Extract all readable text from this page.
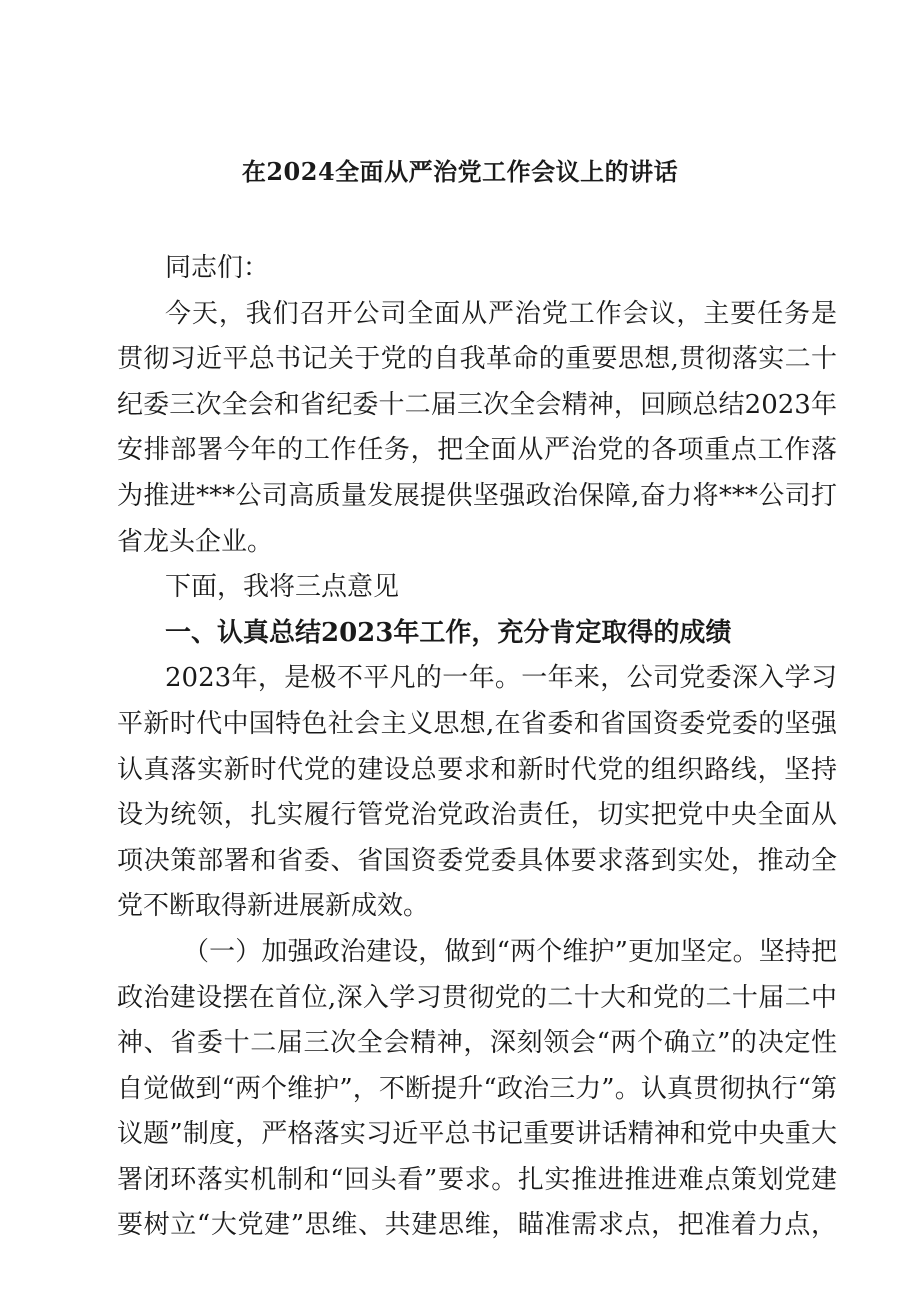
在2024全面从严治党工作会议上的讲话
同志们：
今天，我们召开公司全面从严治党工作会议，主要任务是
贯彻习近平总书记关于党的自我革命的重要思想,贯彻落实二十
纪委三次全会和省纪委十二届三次全会精神，回顾总结2023年
安排部署今年的工作任务，把全面从严治党的各项重点工作落
为推进***公司高质量发展提供坚强政治保障,奋力将***公司打
省龙头企业。
下面，我将三点意见
一、认真总结2023年工作，充分肯定取得的成绩
2023年，是极不平凡的一年。一年来，公司党委深入学习
平新时代中国特色社会主义思想,在省委和省国资委党委的坚强
认真落实新时代党的建设总要求和新时代党的组织路线，坚持
设为统领，扎实履行管党治党政治责任，切实把党中央全面从
项决策部署和省委、省国资委党委具体要求落到实处，推动全
党不断取得新进展新成效。
（一）加强政治建设，做到“两个维护”更加坚定。坚持把
政治建设摆在首位,深入学习贯彻党的二十大和党的二十届二中
神、省委十二届三次全会精神，深刻领会“两个确立”的决定性
自觉做到“两个维护”，不断提升“政治三力”。认真贯彻执行“第
议题”制度，严格落实习近平总书记重要讲话精神和党中央重大
署闭环落实机制和“回头看”要求。扎实推进推进难点策划党建
要树立“大党建”思维、共建思维，瞄准需求点，把准着力点，
